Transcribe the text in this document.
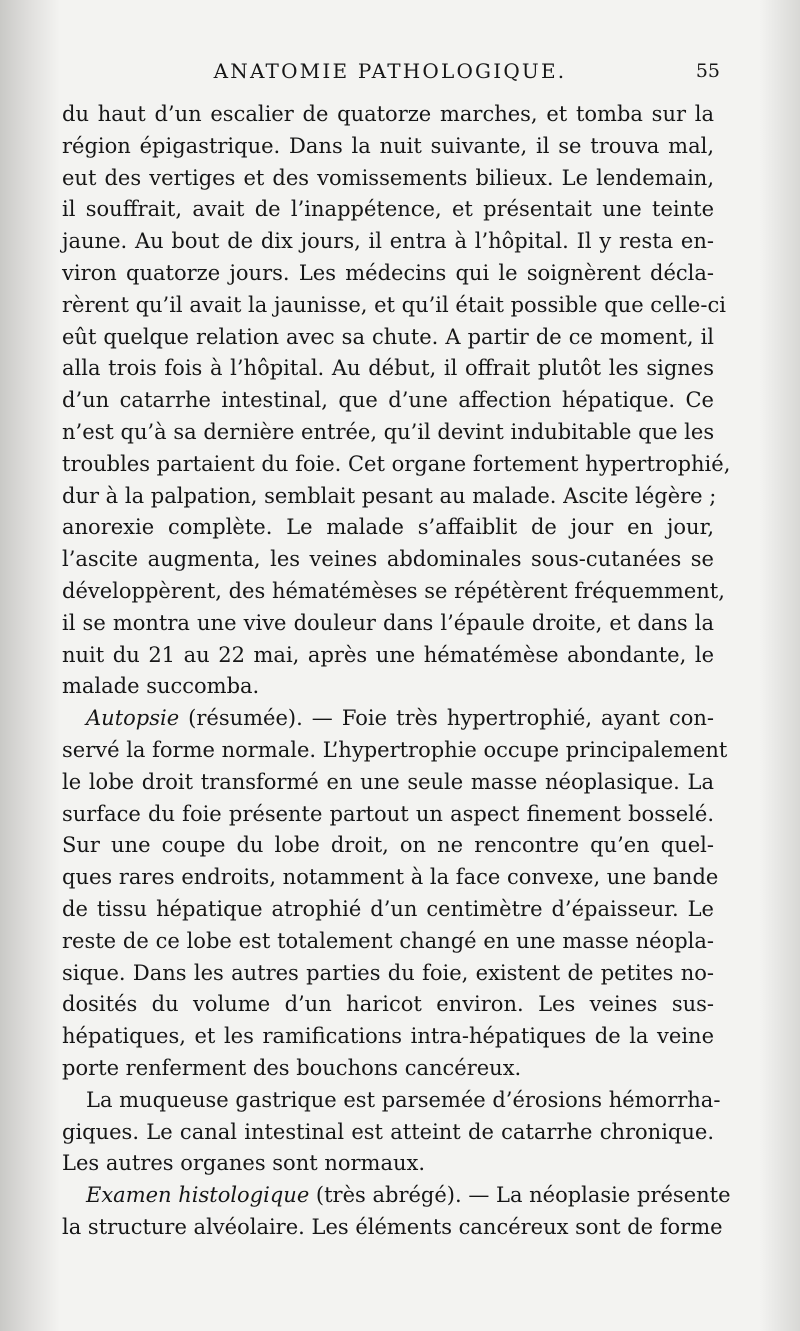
ANATOMIE PATHOLOGIQUE.	55
du haut d’un escalier de quatorze marches, et tomba sur la
région épigastrique. Dans la nuit suivante, il se trouva mal,
eut des vertiges et des vomissements bilieux. Le lendemain,
il souffrait, avait de l’inappétence, et présentait une teinte
jaune. Au bout de dix jours, il entra à l’hôpital. Il y resta en-
viron quatorze jours. Les médecins qui le soignèrent décla-
rèrent qu’il avait la jaunisse, et qu’il était possible que celle-ci
eût quelque relation avec sa chute. A partir de ce moment, il
alla trois fois à l’hôpital. Au début, il offrait plutôt les signes
d’un catarrhe intestinal, que d’une affection hépatique. Ce
n’est qu’à sa dernière entrée, qu’il devint indubitable que les
troubles partaient du foie. Cet organe fortement hypertrophié,
dur à la palpation, semblait pesant au malade. Ascite légère ;
anorexie complète. Le malade s’affaiblit de jour en jour,
l’ascite augmenta, les veines abdominales sous-cutanées se
développèrent, des hématémèses se répétèrent fréquemment,
il se montra une vive douleur dans l’épaule droite, et dans la
nuit du 21 au 22 mai, après une hématémèse abondante, le
malade succomba.
Autopsie (résumée). — Foie très hypertrophié, ayant con-
servé la forme normale. L’hypertrophie occupe principalement
le lobe droit transformé en une seule masse néoplasique. La
surface du foie présente partout un aspect finement bosselé.
Sur une coupe du lobe droit, on ne rencontre qu’en quel-
ques rares endroits, notamment à la face convexe, une bande
de tissu hépatique atrophié d’un centimètre d’épaisseur. Le
reste de ce lobe est totalement changé en une masse néopla-
sique. Dans les autres parties du foie, existent de petites no-
dosités du volume d’un haricot environ. Les veines sus-
hépatiques, et les ramifications intra-hépatiques de la veine
porte renferment des bouchons cancéreux.
La muqueuse gastrique est parsemée d’érosions hémorrha-
giques. Le canal intestinal est atteint de catarrhe chronique.
Les autres organes sont normaux.
Examen histologique (très abrégé). — La néoplasie présente
la structure alvéolaire. Les éléments cancéreux sont de forme
